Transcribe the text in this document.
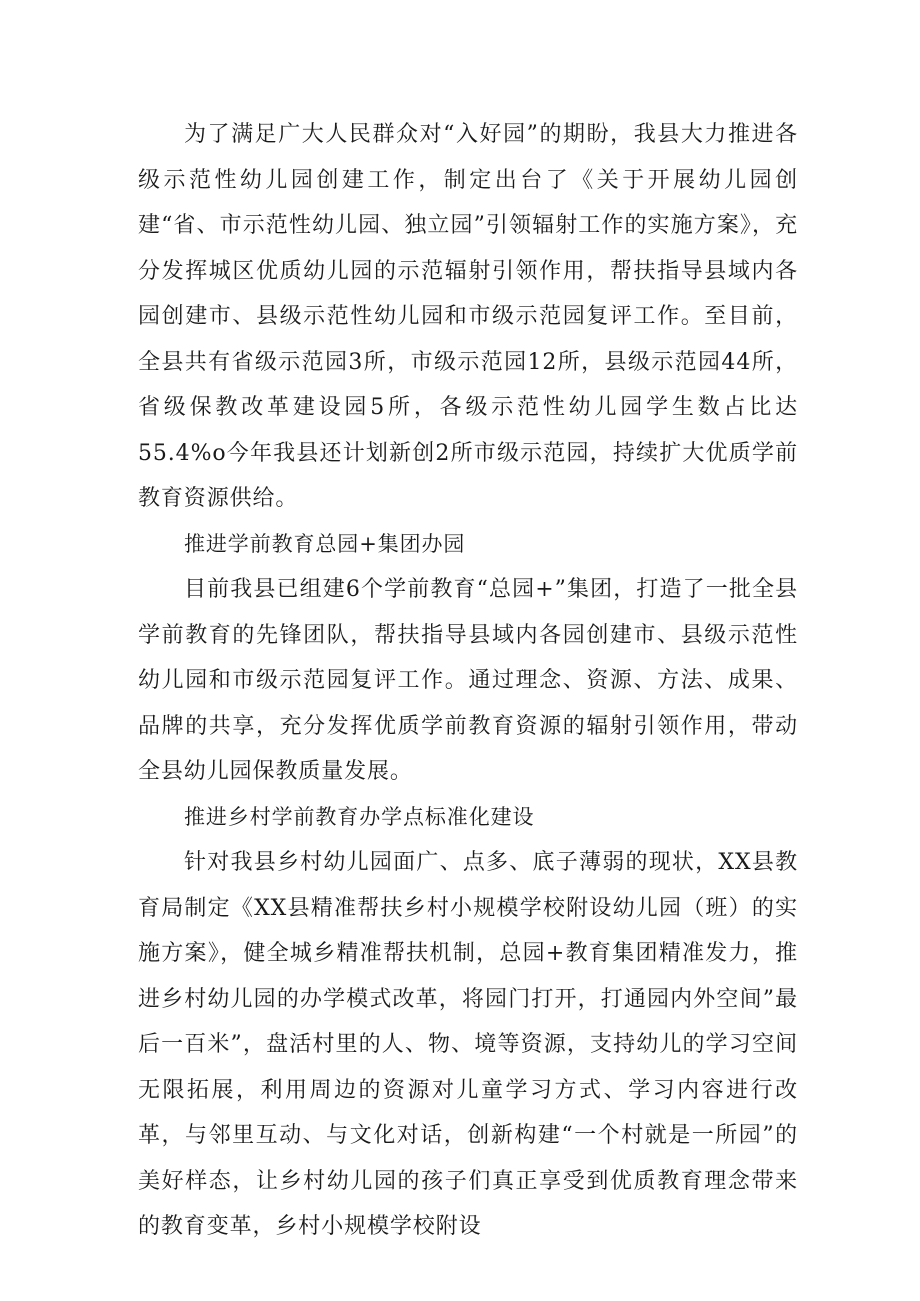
为了满足广大人民群众对“入好园”的期盼，我县大力推进各级示范性幼儿园创建工作，制定出台了《关于开展幼儿园创建“省、市示范性幼儿园、独立园”引领辐射工作的实施方案》，充分发挥城区优质幼儿园的示范辐射引领作用，帮扶指导县域内各园创建市、县级示范性幼儿园和市级示范园复评工作。至目前，全县共有省级示范园3所，市级示范园12所，县级示范园44所，省级保教改革建设园5所，各级示范性幼儿园学生数占比达55.4%o今年我县还计划新创2所市级示范园，持续扩大优质学前教育资源供给。

推进学前教育总园+集团办园

目前我县已组建6个学前教育“总园+”集团，打造了一批全县学前教育的先锋团队，帮扶指导县域内各园创建市、县级示范性幼儿园和市级示范园复评工作。通过理念、资源、方法、成果、品牌的共享，充分发挥优质学前教育资源的辐射引领作用，带动全县幼儿园保教质量发展。

推进乡村学前教育办学点标准化建设

针对我县乡村幼儿园面广、点多、底子薄弱的现状，XX县教育局制定《XX县精准帮扶乡村小规模学校附设幼儿园（班）的实施方案》，健全城乡精准帮扶机制，总园+教育集团精准发力，推进乡村幼儿园的办学模式改革，将园门打开，打通园内外空间”最后一百米”，盘活村里的人、物、境等资源，支持幼儿的学习空间无限拓展，利用周边的资源对儿童学习方式、学习内容进行改革，与邻里互动、与文化对话，创新构建“一个村就是一所园”的美好样态，让乡村幼儿园的孩子们真正享受到优质教育理念带来的教育变革，乡村小规模学校附设
